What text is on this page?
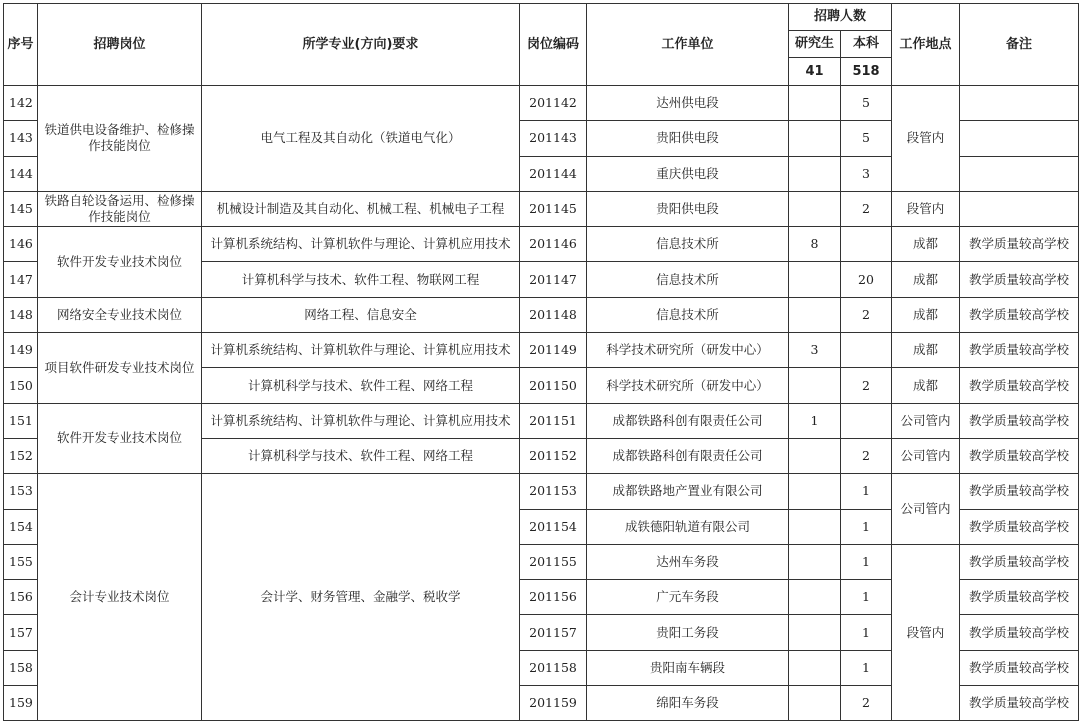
序号	招聘岗位	所学专业(方向)要求	岗位编码	工作单位	招聘人数		工作地点	备注
					研究生	本科		
					41	518		
142	铁道供电设备维护、检修操作技能岗位	电气工程及其自动化（铁道电气化）	201142	达州供电段		5	段管内	
143			201143	贵阳供电段		5		
144			201144	重庆供电段		3		
145	铁路自轮设备运用、检修操作技能岗位	机械设计制造及其自动化、机械工程、机械电子工程	201145	贵阳供电段		2	段管内	
146	软件开发专业技术岗位	计算机系统结构、计算机软件与理论、计算机应用技术	201146	信息技术所	8		成都	教学质量较高学校
147		计算机科学与技术、软件工程、物联网工程	201147	信息技术所		20	成都	教学质量较高学校
148	网络安全专业技术岗位	网络工程、信息安全	201148	信息技术所		2	成都	教学质量较高学校
149	项目软件研发专业技术岗位	计算机系统结构、计算机软件与理论、计算机应用技术	201149	科学技术研究所（研发中心）	3		成都	教学质量较高学校
150		计算机科学与技术、软件工程、网络工程	201150	科学技术研究所（研发中心）		2	成都	教学质量较高学校
151	软件开发专业技术岗位	计算机系统结构、计算机软件与理论、计算机应用技术	201151	成都铁路科创有限责任公司	1		公司管内	教学质量较高学校
152		计算机科学与技术、软件工程、网络工程	201152	成都铁路科创有限责任公司		2	公司管内	教学质量较高学校
153	会计专业技术岗位	会计学、财务管理、金融学、税收学	201153	成都铁路地产置业有限公司		1	公司管内	教学质量较高学校
154			201154	成铁德阳轨道有限公司		1		教学质量较高学校
155			201155	达州车务段		1	段管内	教学质量较高学校
156			201156	广元车务段		1		教学质量较高学校
157			201157	贵阳工务段		1		教学质量较高学校
158			201158	贵阳南车辆段		1		教学质量较高学校
159			201159	绵阳车务段		2		教学质量较高学校
